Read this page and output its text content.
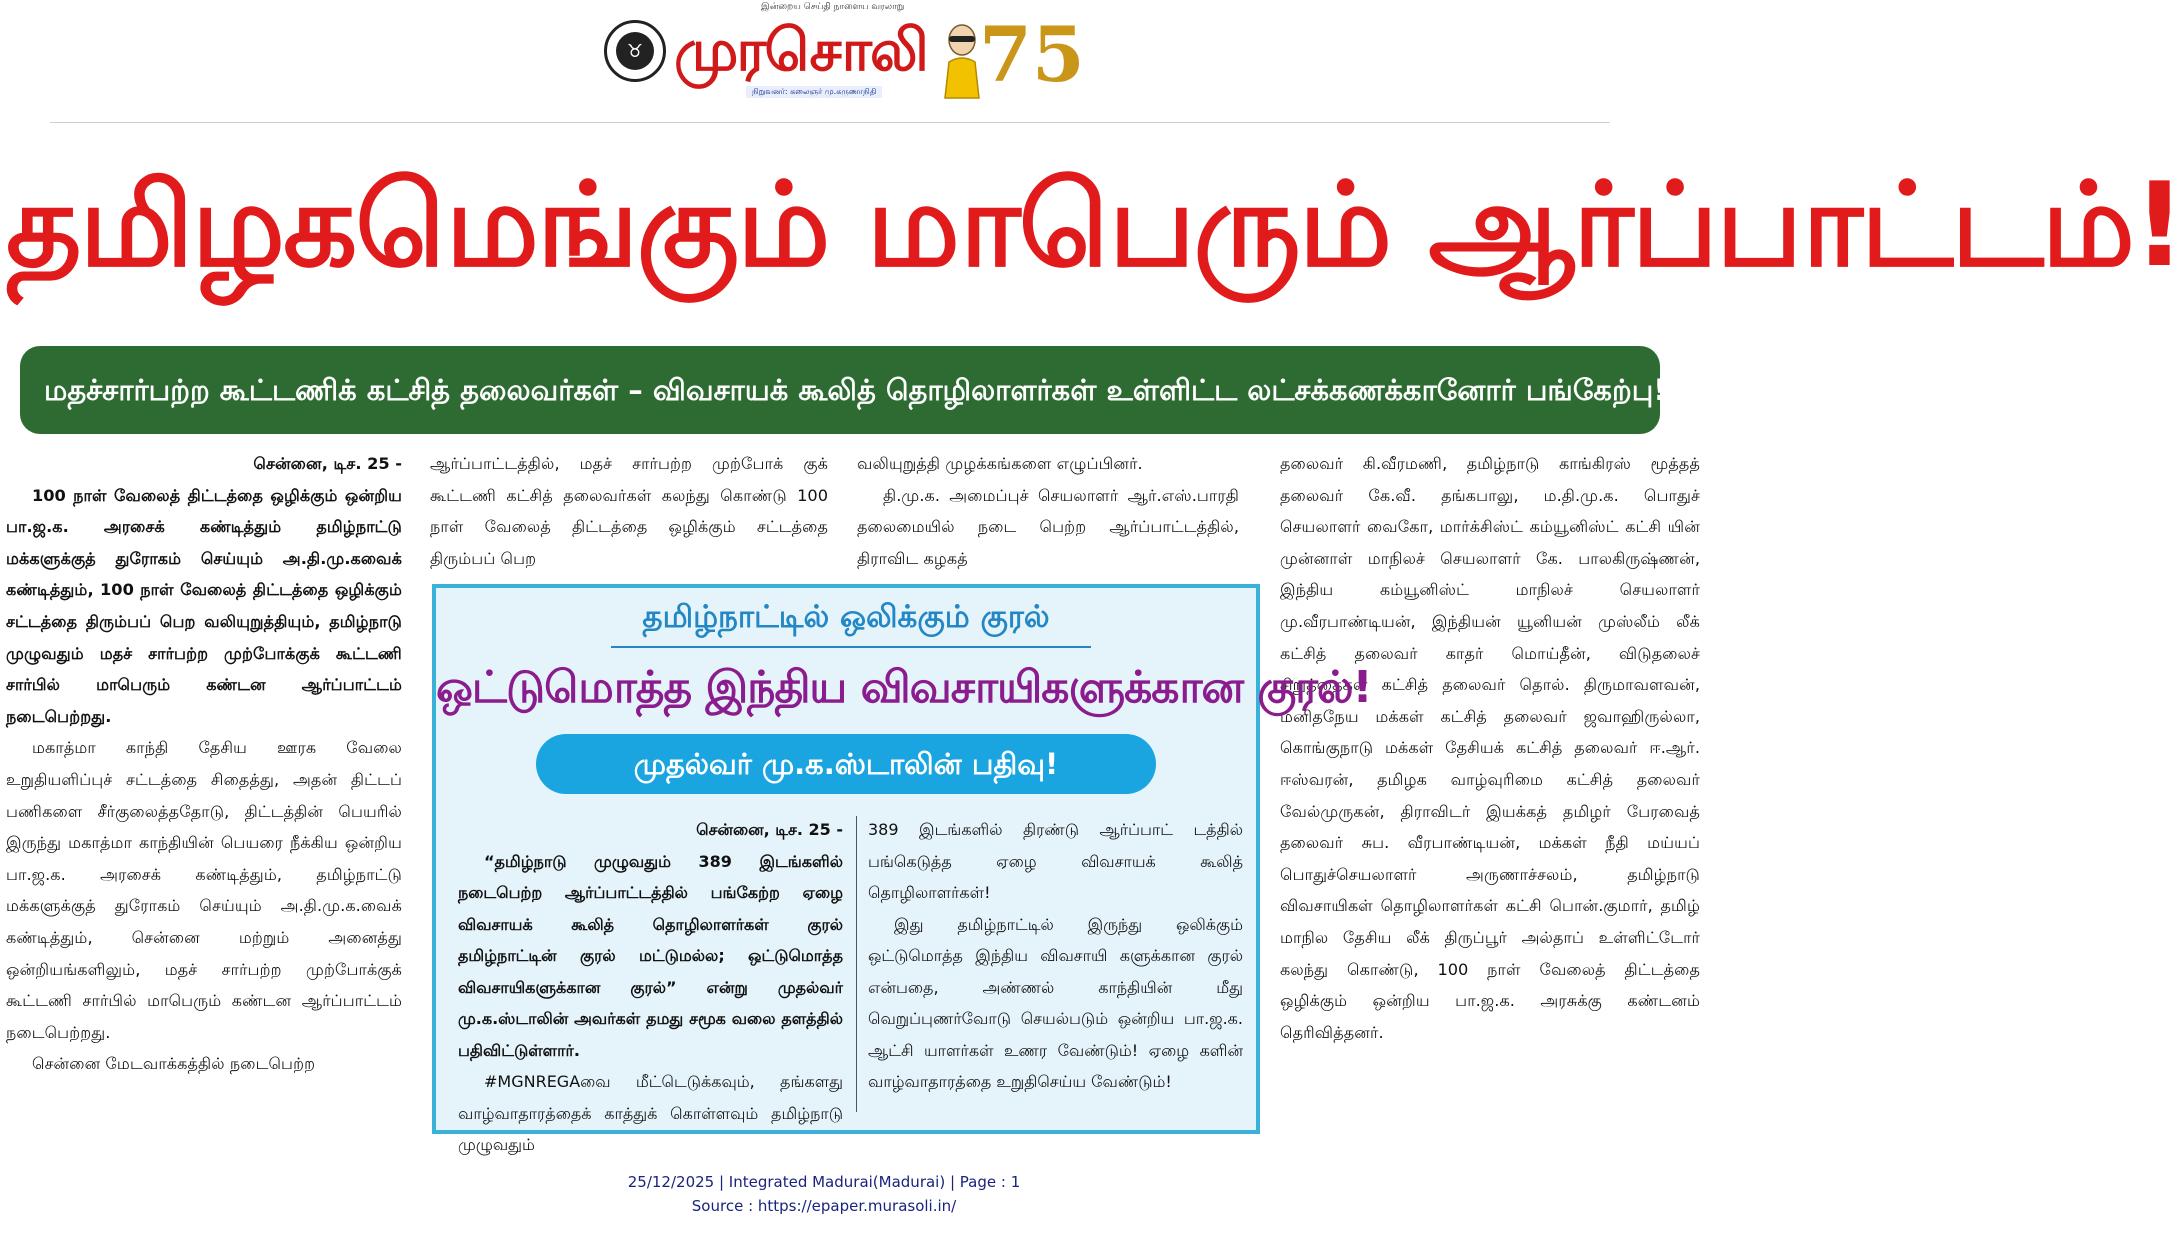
இன்றைய செய்தி நாளைய வரலாறு
♉ முரசொலி
நிறுவனர்: கலைஞர் மு.கருணாநிதி 75
தமிழகமெங்கும் மாபெரும் ஆர்ப்பாட்டம்!
மதச்சார்பற்ற கூட்டணிக் கட்சித் தலைவர்கள் – விவசாயக் கூலித் தொழிலாளர்கள் உள்ளிட்ட லட்சக்கணக்கானோர் பங்கேற்பு!

சென்னை, டிச. 25 -

100 நாள் வேலைத் திட்டத்தை ஒழிக்கும் ஒன்றிய பா.ஜ.க. அரசைக் கண்டித்தும் தமிழ்நாட்டு மக்களுக்குத் துரோகம் செய்யும் அ.தி.மு.கவைக் கண்டித்தும், 100 நாள் வேலைத் திட்டத்தை ஒழிக்கும் சட்டத்தை திரும்பப் பெற வலியுறுத்தியும், தமிழ்நாடு முழுவதும் மதச் சார்பற்ற முற்போக்குக் கூட்டணி சார்பில் மாபெரும் கண்டன ஆர்ப்பாட்டம் நடைபெற்றது.

மகாத்மா காந்தி தேசிய ஊரக வேலை உறுதியளிப்புச் சட்டத்தை சிதைத்து, அதன் திட்டப் பணிகளை சீர்குலைத்ததோடு, திட்டத்தின் பெயரில் இருந்து மகாத்மா காந்தியின் பெயரை நீக்கிய ஒன்றிய பா.ஜ.க. அரசைக் கண்டித்தும், தமிழ்நாட்டு மக்களுக்குத் துரோகம் செய்யும் அ.தி.மு.க.வைக் கண்டித்தும், சென்னை மற்றும் அனைத்து ஒன்றியங்களிலும், மதச் சார்பற்ற முற்போக்குக் கூட்டணி சார்பில் மாபெரும் கண்டன ஆர்ப்பாட்டம் நடைபெற்றது.

சென்னை மேடவாக்கத்தில் நடைபெற்ற

ஆர்ப்பாட்டத்தில், மதச் சார்பற்ற முற்போக் குக் கூட்டணி கட்சித் தலைவர்கள் கலந்து கொண்டு 100 நாள் வேலைத் திட்டத்தை ஒழிக்கும் சட்டத்தை திரும்பப் பெற

வலியுறுத்தி முழக்கங்களை எழுப்பினர்.

தி.மு.க. அமைப்புச் செயலாளர் ஆர்.எஸ்.பாரதி தலைமையில் நடை பெற்ற ஆர்ப்பாட்டத்தில், திராவிட கழகத்

தலைவர் கி.வீரமணி, தமிழ்நாடு காங்கிரஸ் மூத்தத் தலைவர் கே.வீ. தங்கபாலு, ம.தி.மு.க. பொதுச் செயலாளர் வைகோ, மார்க்சிஸ்ட் கம்யூனிஸ்ட் கட்சி யின் முன்னாள் மாநிலச் செயலாளர் கே. பாலகிருஷ்ணன், இந்திய கம்யூனிஸ்ட் மாநிலச் செயலாளர் மு.வீரபாண்டியன், இந்தியன் யூனியன் முஸ்லீம் லீக் கட்சித் தலைவர் காதர் மொய்தீன், விடுதலைச் சிறுத்தைகள் கட்சித் தலைவர் தொல். திருமாவளவன், மனிதநேய மக்கள் கட்சித் தலைவர் ஜவாஹிருல்லா, கொங்குநாடு மக்கள் தேசியக் கட்சித் தலைவர் ஈ.ஆர். ஈஸ்வரன், தமிழக வாழ்வுரிமை கட்சித் தலைவர் வேல்முருகன், திராவிடர் இயக்கத் தமிழர் பேரவைத் தலைவர் சுப. வீரபாண்டியன், மக்கள் நீதி மய்யப் பொதுச்செயலாளர் அருணாச்சலம், தமிழ்நாடு விவசாயிகள் தொழிலாளர்கள் கட்சி பொன்.குமார், தமிழ் மாநில தேசிய லீக் திருப்பூர் அல்தாப் உள்ளிட்டோர் கலந்து கொண்டு, 100 நாள் வேலைத் திட்டத்தை ஒழிக்கும் ஒன்றிய பா.ஜ.க. அரசுக்கு கண்டனம் தெரிவித்தனர்.

தமிழ்நாட்டில் ஒலிக்கும் குரல்
ஒட்டுமொத்த இந்திய விவசாயிகளுக்கான குரல்!
முதல்வர் மு.க.ஸ்டாலின் பதிவு!

சென்னை, டிச. 25 -

“தமிழ்நாடு முழுவதும் 389 இடங்களில் நடைபெற்ற ஆர்ப்பாட்டத்தில் பங்கேற்ற ஏழை விவசாயக் கூலித் தொழிலாளர்கள் குரல் தமிழ்நாட்டின் குரல் மட்டுமல்ல; ஒட்டுமொத்த விவசாயிகளுக்கான குரல்” என்று முதல்வர் மு.க.ஸ்டாலின் அவர்கள் தமது சமூக வலை தளத்தில் பதிவிட்டுள்ளார்.

#MGNREGAவை மீட்டெடுக்கவும், தங்களது வாழ்வாதாரத்தைக் காத்துக் கொள்ளவும் தமிழ்நாடு முழுவதும்

389 இடங்களில் திரண்டு ஆர்ப்பாட் டத்தில் பங்கெடுத்த ஏழை விவசாயக் கூலித் தொழிலாளர்கள்!

இது தமிழ்நாட்டில் இருந்து ஒலிக்கும் ஒட்டுமொத்த இந்திய விவசாயி களுக்கான குரல் என்பதை, அண்ணல் காந்தியின் மீது வெறுப்புணர்வோடு செயல்படும் ஒன்றிய பா.ஜ.க. ஆட்சி யாளர்கள் உணர வேண்டும்! ஏழை களின் வாழ்வாதாரத்தை உறுதிசெய்ய வேண்டும்!

25/12/2025 | Integrated Madurai(Madurai) | Page : 1
Source : https://epaper.murasoli.in/
